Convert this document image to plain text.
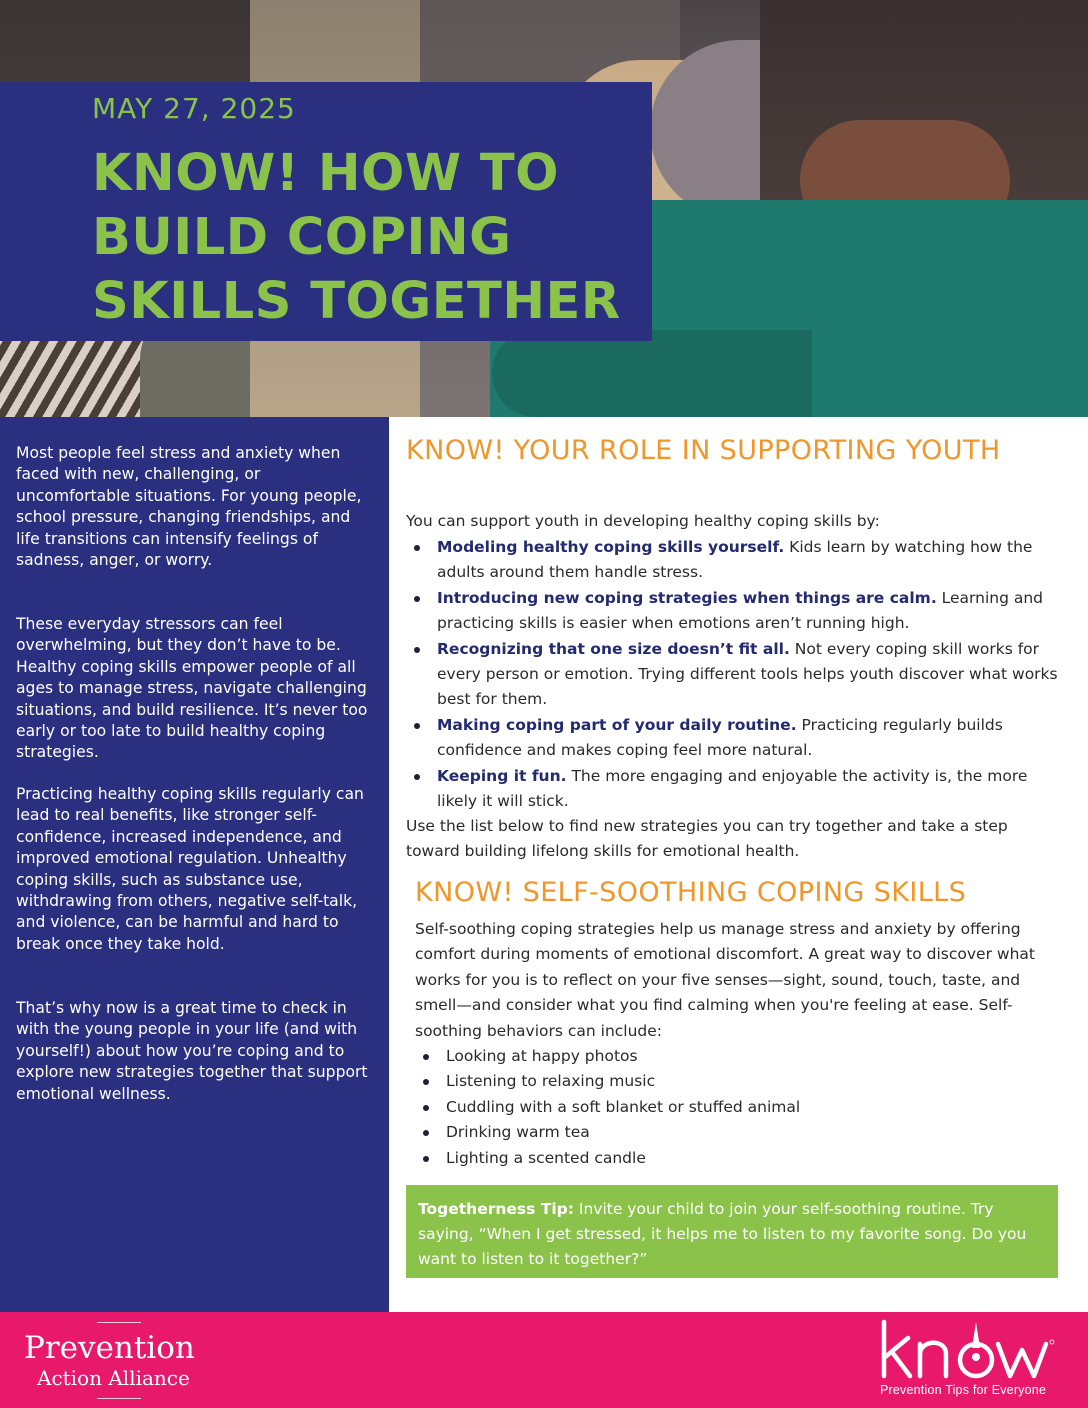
MAY 27, 2025
KNOW! HOW TO BUILD COPING SKILLS TOGETHER

Most people feel stress and anxiety when faced with new, challenging, or uncomfortable situations. For young people, school pressure, changing friendships, and life transitions can intensify feelings of sadness, anger, or worry.

These everyday stressors can feel overwhelming, but they don’t have to be. Healthy coping skills empower people of all ages to manage stress, navigate challenging situations, and build resilience. It’s never too early or too late to build healthy coping strategies.

Practicing healthy coping skills regularly can lead to real benefits, like stronger self-confidence, increased independence, and improved emotional regulation. Unhealthy coping skills, such as substance use, withdrawing from others, negative self-talk, and violence, can be harmful and hard to break once they take hold.

That’s why now is a great time to check in with the young people in your life (and with yourself!) about how you’re coping and to explore new strategies together that support emotional wellness.

KNOW! YOUR ROLE IN SUPPORTING YOUTH
You can support youth in developing healthy coping skills by:
Modeling healthy coping skills yourself. Kids learn by watching how the adults around them handle stress.
Introducing new coping strategies when things are calm. Learning and practicing skills is easier when emotions aren’t running high.
Recognizing that one size doesn’t fit all. Not every coping skill works for every person or emotion. Trying different tools helps youth discover what works best for them.
Making coping part of your daily routine. Practicing regularly builds confidence and makes coping feel more natural.
Keeping it fun. The more engaging and enjoyable the activity is, the more likely it will stick.
Use the list below to find new strategies you can try together and take a step toward building lifelong skills for emotional health.
KNOW! SELF-SOOTHING COPING SKILLS
Self-soothing coping strategies help us manage stress and anxiety by offering comfort during moments of emotional discomfort. A great way to discover what works for you is to reflect on your five senses—sight, sound, touch, taste, and smell—and consider what you find calming when you're feeling at ease. Self-soothing behaviors can include:
Looking at happy photos
Listening to relaxing music
Cuddling with a soft blanket or stuffed animal
Drinking warm tea
Lighting a scented candle

Togetherness Tip: Invite your child to join your self-soothing routine. Try saying, “When I get stressed, it helps me to listen to my favorite song. Do you want to listen to it together?”

Prevention
Action Alliance	Prevention Tips for Everyone
